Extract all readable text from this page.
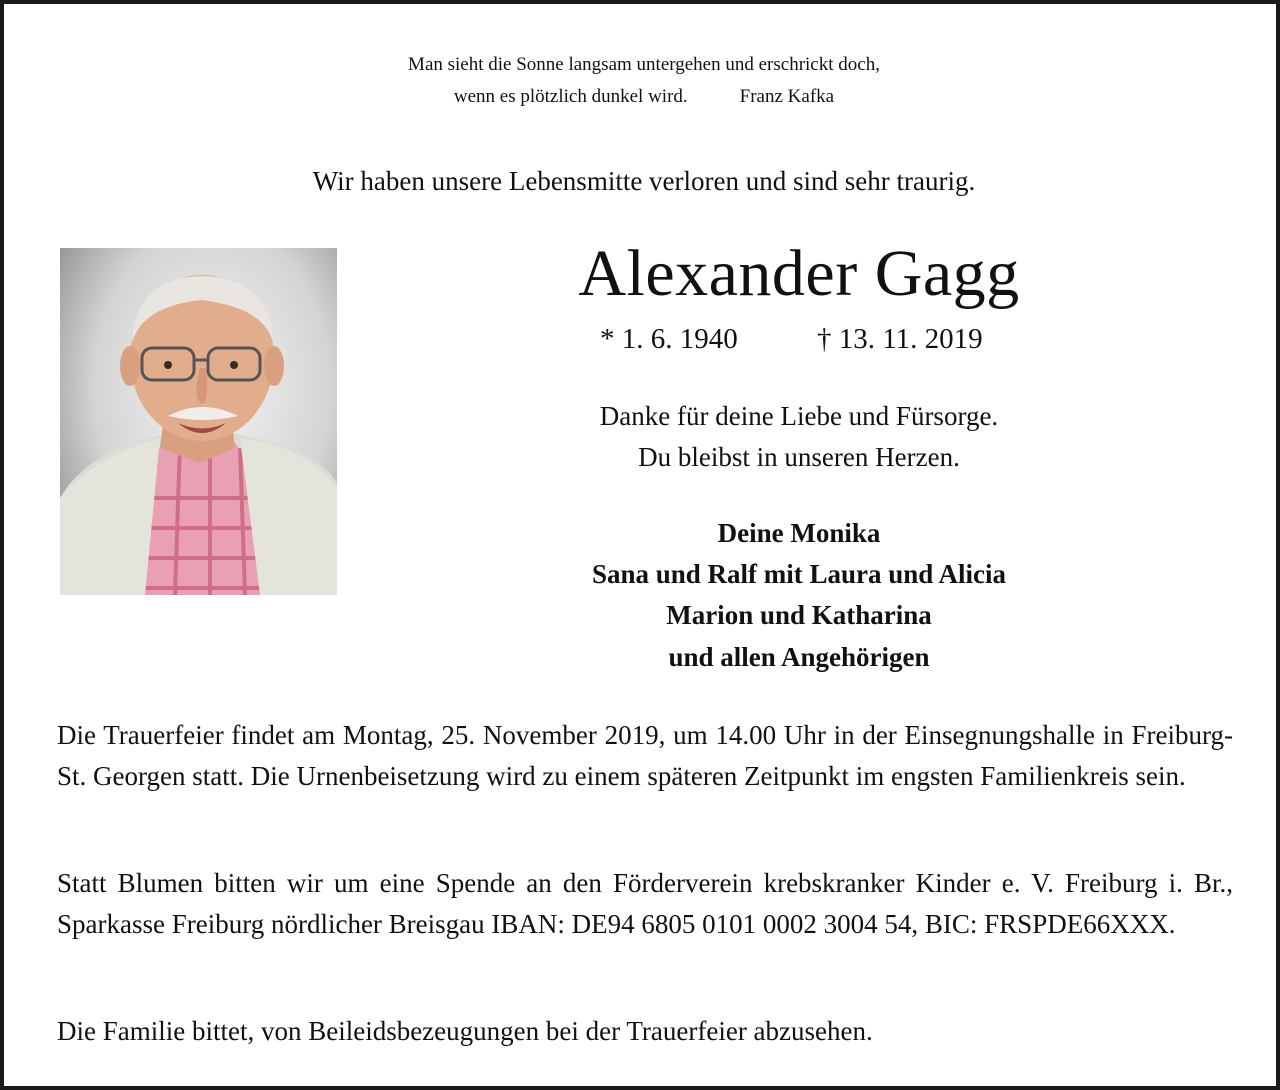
Man sieht die Sonne langsam untergehen und erschrickt doch,
wenn es plötzlich dunkel wird.	Franz Kafka
Wir haben unsere Lebensmitte verloren und sind sehr traurig.
Alexander Gagg
* 1. 6. 1940	† 13. 11. 2019
Danke für deine Liebe und Fürsorge.
Du bleibst in unseren Herzen.
Deine Monika
Sana und Ralf mit Laura und Alicia
Marion und Katharina
und allen Angehörigen
Die Trauerfeier findet am Montag, 25. November 2019, um 14.00 Uhr in der Einsegnungshalle in Freiburg-St. Georgen statt. Die Urnenbeisetzung wird zu einem späteren Zeitpunkt im engsten Familienkreis sein.
Statt Blumen bitten wir um eine Spende an den Förderverein krebskranker Kinder e. V. Freiburg i. Br., Sparkasse Freiburg nördlicher Breisgau IBAN: DE94 6805 0101 0002 3004 54, BIC: FRSPDE66XXX.
Die Familie bittet, von Beileidsbezeugungen bei der Trauerfeier abzusehen.
